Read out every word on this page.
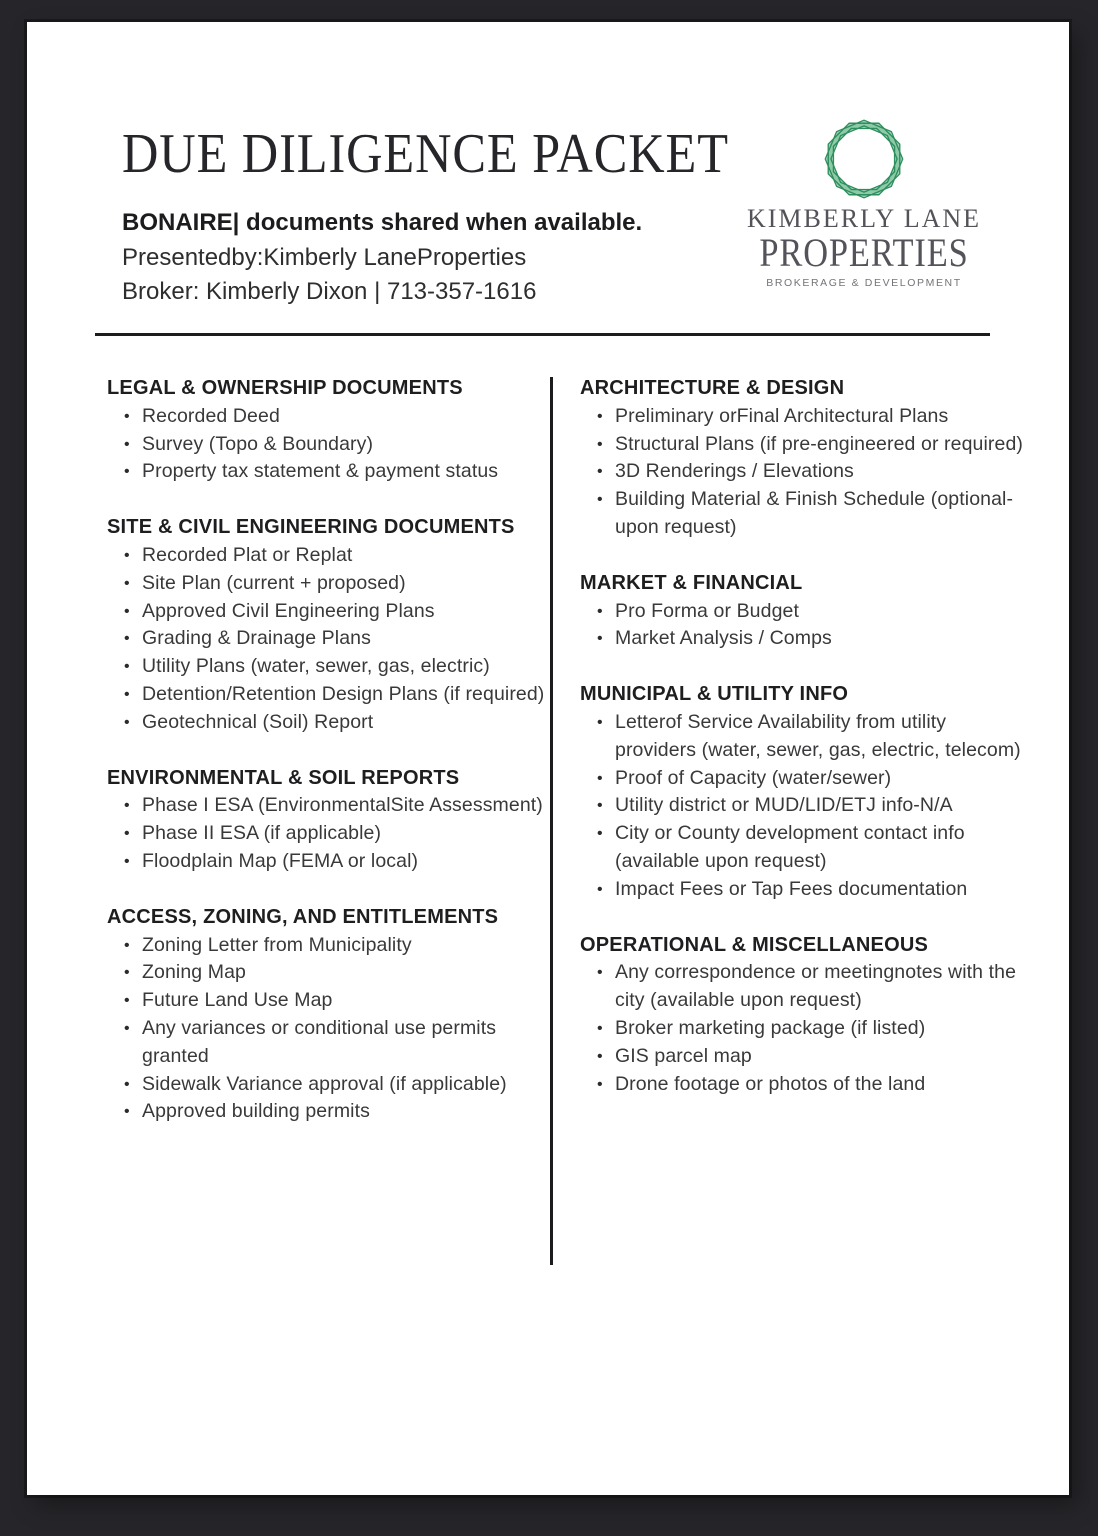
DUE DILIGENCE PACKET
BONAIRE| documents shared when available.
Presentedby:Kimberly LaneProperties
Broker: Kimberly Dixon | 713-357-1616
KIMBERLY LANE
PROPERTIES
BROKERAGE & DEVELOPMENT
LEGAL & OWNERSHIP DOCUMENTS
• Recorded Deed
• Survey (Topo & Boundary)
• Property tax statement & payment status
SITE & CIVIL ENGINEERING DOCUMENTS
• Recorded Plat or Replat
• Site Plan (current + proposed)
• Approved Civil Engineering Plans
• Grading & Drainage Plans
• Utility Plans (water, sewer, gas, electric)
• Detention/Retention Design Plans (if required)
• Geotechnical (Soil) Report
ENVIRONMENTAL & SOIL REPORTS
• Phase I ESA (EnvironmentalSite Assessment)
• Phase II ESA (if applicable)
• Floodplain Map (FEMA or local)
ACCESS, ZONING, AND ENTITLEMENTS
• Zoning Letter from Municipality
• Zoning Map
• Future Land Use Map
• Any variances or conditional use permits granted
• Sidewalk Variance approval (if applicable)
• Approved building permits
ARCHITECTURE & DESIGN
• Preliminary orFinal Architectural Plans
• Structural Plans (if pre-engineered or required)
• 3D Renderings / Elevations
• Building Material & Finish Schedule (optional-upon request)
MARKET & FINANCIAL
• Pro Forma or Budget
• Market Analysis / Comps
MUNICIPAL & UTILITY INFO
• Letterof Service Availability from utility providers (water, sewer, gas, electric, telecom)
• Proof of Capacity (water/sewer)
• Utility district or MUD/LID/ETJ info-N/A
• City or County development contact info (available upon request)
• Impact Fees or Tap Fees documentation
OPERATIONAL & MISCELLANEOUS
• Any correspondence or meetingnotes with the city (available upon request)
• Broker marketing package (if listed)
• GIS parcel map
• Drone footage or photos of the land
